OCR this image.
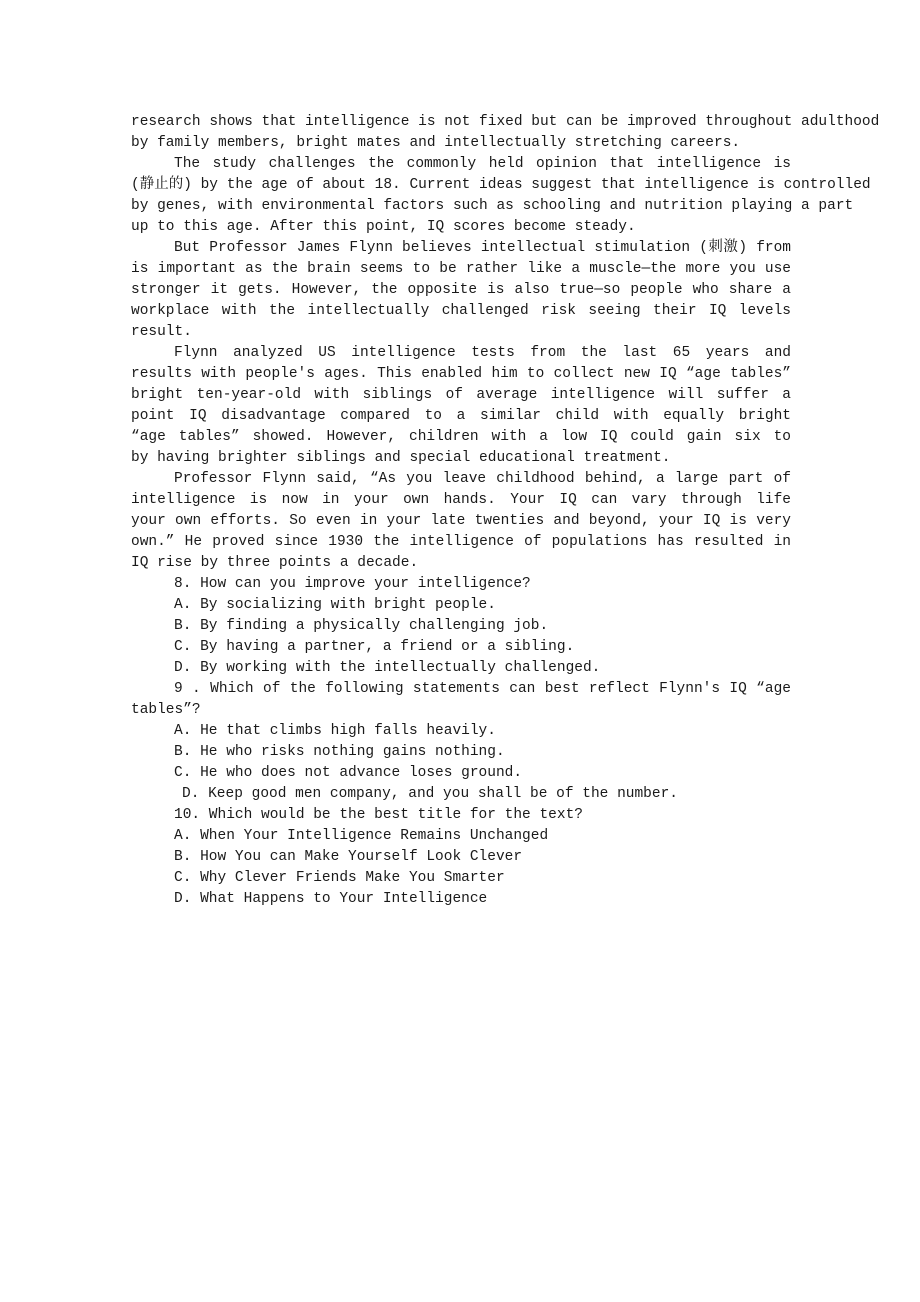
research shows that intelligence is not fixed but can be improved throughout adulthood
by family members, bright mates and intellectually stretching careers.
The study challenges the commonly held opinion that intelligence is
(静止的) by the age of about 18. Current ideas suggest that intelligence is controlled
by genes, with environmental factors such as schooling and nutrition playing a part
up to this age. After this point, IQ scores become steady.
But Professor James Flynn believes intellectual stimulation (刺激) from
is important as the brain seems to be rather like a muscle—the more you use
stronger it gets. However, the opposite is also true—so people who share a
workplace with the intellectually challenged risk seeing their IQ levels
result.
Flynn analyzed US intelligence tests from the last 65 years and
results with people's ages. This enabled him to collect new IQ “age tables”
bright ten-year-old with siblings of average intelligence will suffer a
point IQ disadvantage compared to a similar child with equally bright
“age tables” showed. However, children with a low IQ could gain six to
by having brighter siblings and special educational treatment.
Professor Flynn said, “As you leave childhood behind, a large part of
intelligence is now in your own hands. Your IQ can vary through life
your own efforts. So even in your late twenties and beyond, your IQ is very
own.” He proved since 1930 the intelligence of populations has resulted in
IQ rise by three points a decade.
8. How can you improve your intelligence?
A. By socializing with bright people.
B. By finding a physically challenging job.
C. By having a partner, a friend or a sibling.
D. By working with the intellectually challenged.
9 . Which of the following statements can best reflect Flynn's IQ “age
tables”?
A. He that climbs high falls heavily.
B. He who risks nothing gains nothing.
C. He who does not advance loses ground.
D. Keep good men company, and you shall be of the number.
10. Which would be the best title for the text?
A. When Your Intelligence Remains Unchanged
B. How You can Make Yourself Look Clever
C. Why Clever Friends Make You Smarter
D. What Happens to Your Intelligence
